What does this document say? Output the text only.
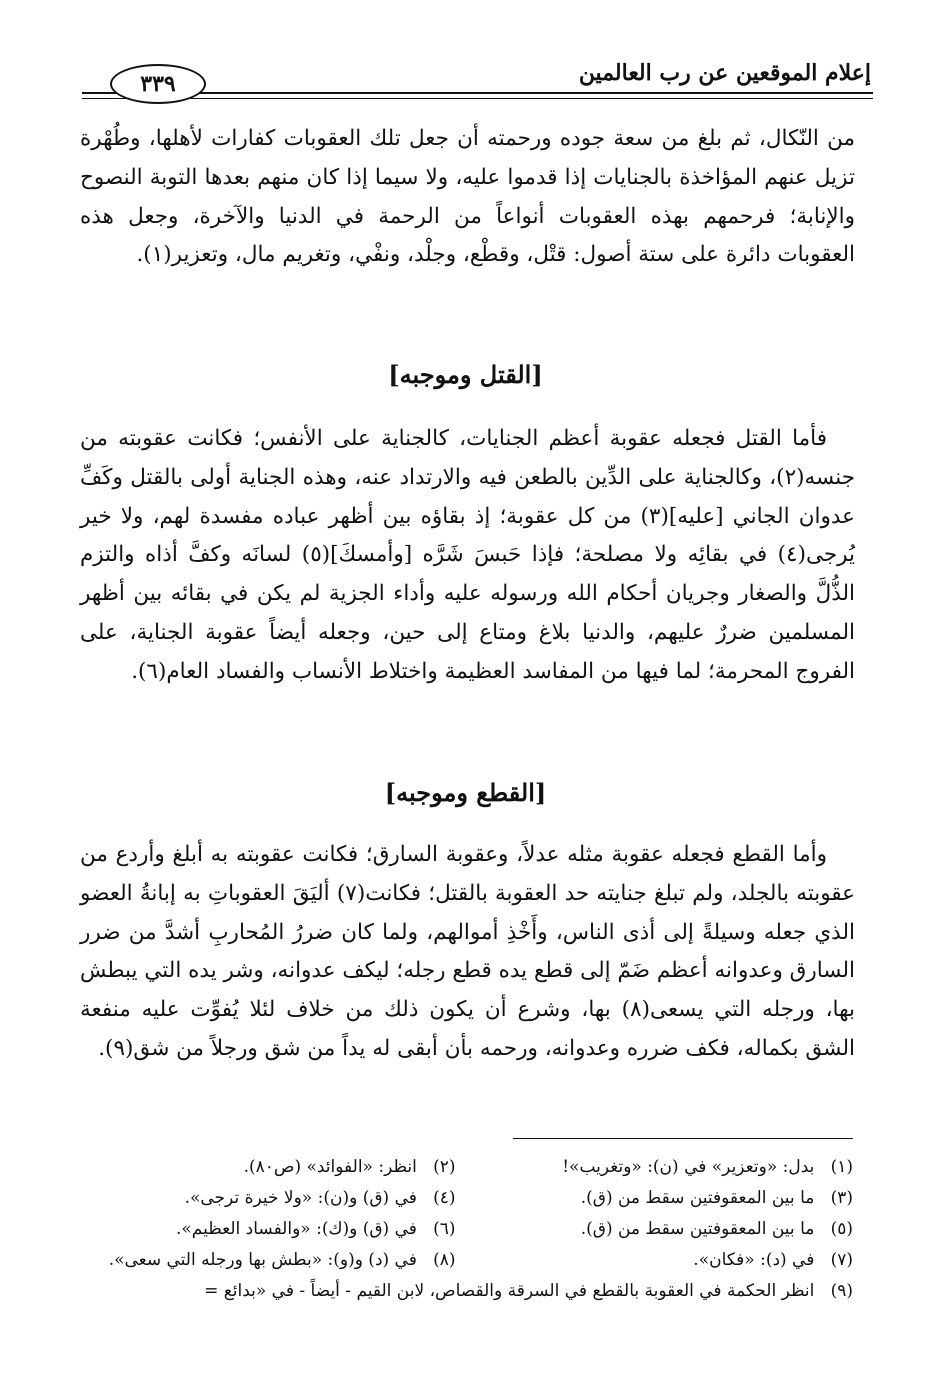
إعلام الموقعين عن رب العالمين
٣٣٩

من النّكال، ثم بلغ من سعة جوده ورحمته أن جعل تلك العقوبات كفارات لأهلها، وطُهْرة تزيل عنهم المؤاخذة بالجنايات إذا قدموا عليه، ولا سيما إذا كان منهم بعدها التوبة النصوح والإنابة؛ فرحمهم بهذه العقوبات أنواعاً من الرحمة في الدنيا والآخرة، وجعل هذه العقوبات دائرة على ستة أصول: قتْل، وقطْع، وجلْد، ونفْي، وتغريم مال، وتعزير(١).

[القتل وموجبه]

فأما القتل فجعله عقوبة أعظم الجنايات، كالجناية على الأنفس؛ فكانت عقوبته من جنسه(٢)، وكالجناية على الدِّين بالطعن فيه والارتداد عنه، وهذه الجناية أولى بالقتل وكَفِّ عدوان الجاني [عليه](٣) من كل عقوبة؛ إذ بقاؤه بين أظهر عباده مفسدة لهم، ولا خير يُرجى(٤) في بقائِه ولا مصلحة؛ فإذا حَبسَ شَرَّه [وأمسكَ](٥) لسانَه وكفَّ أذاه والتزم الذُّلَّ والصغار وجريان أحكام الله ورسوله عليه وأداء الجزية لم يكن في بقائه بين أظهر المسلمين ضررٌ عليهم، والدنيا بلاغ ومتاع إلى حين، وجعله أيضاً عقوبة الجناية، على الفروج المحرمة؛ لما فيها من المفاسد العظيمة واختلاط الأنساب والفساد العام(٦).

[القطع وموجبه]

وأما القطع فجعله عقوبة مثله عدلاً، وعقوبة السارق؛ فكانت عقوبته به أبلغ وأردع من عقوبته بالجلد، ولم تبلغ جنايته حد العقوبة بالقتل؛ فكانت(٧) أليَقَ العقوباتِ به إبانةُ العضو الذي جعله وسيلةً إلى أذى الناس، وأَخْذِ أموالهم، ولما كان ضررُ المُحاربِ أشدَّ من ضرر السارق وعدوانه أعظم ضَمّ إلى قطع يده قطع رجله؛ ليكف عدوانه، وشر يده التي يبطش بها، ورجله التي يسعى(٨) بها، وشرع أن يكون ذلك من خلاف لئلا يُفوِّت عليه منفعة الشق بكماله، فكف ضرره وعدوانه، ورحمه بأن أبقى له يداً من شق ورجلاً من شق(٩).

(١)   بدل: «وتعزير» في (ن): «وتغريب»!
(٢)   انظر: «الفوائد» (ص٨٠).
(٣)   ما بين المعقوفتين سقط من (ق).
(٤)   في (ق) و(ن): «ولا خيرة ترجى».
(٥)   ما بين المعقوفتين سقط من (ق).
(٦)   في (ق) و(ك): «والفساد العظيم».
(٧)   في (د): «فكان».
(٨)   في (د) و(و): «بطش بها ورجله التي سعى».
(٩)   انظر الحكمة في العقوبة بالقطع في السرقة والقصاص، لابن القيم - أيضاً - في «بدائع =
